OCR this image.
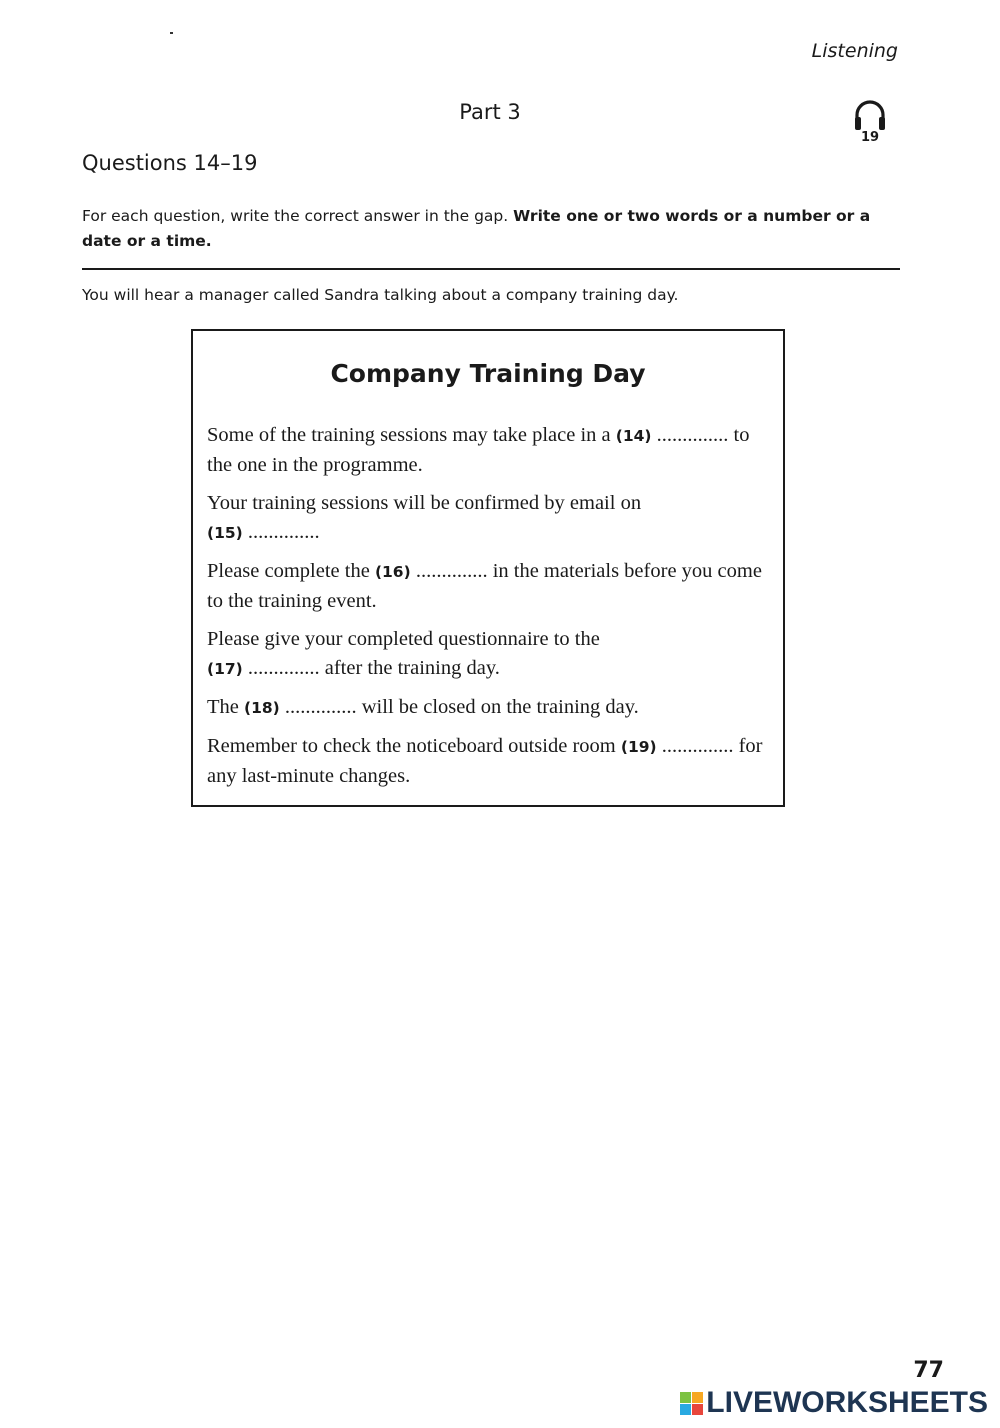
Listening
Part 3
19
Questions 14–19
For each question, write the correct answer in the gap. Write one or two words or a number or a date or a time.
You will hear a manager called Sandra talking about a company training day.
Company Training Day

Some of the training sessions may take place in a (14) .............. to the one in the programme.

Your training sessions will be confirmed by email on
(15) ..............

Please complete the (16) .............. in the materials before you come to the training event.

Please give your completed questionnaire to the
(17) .............. after the training day.

The (18) .............. will be closed on the training day.

Remember to check the noticeboard outside room (19) .............. for any last-minute changes.

77
LIVEWORKSHEETS
